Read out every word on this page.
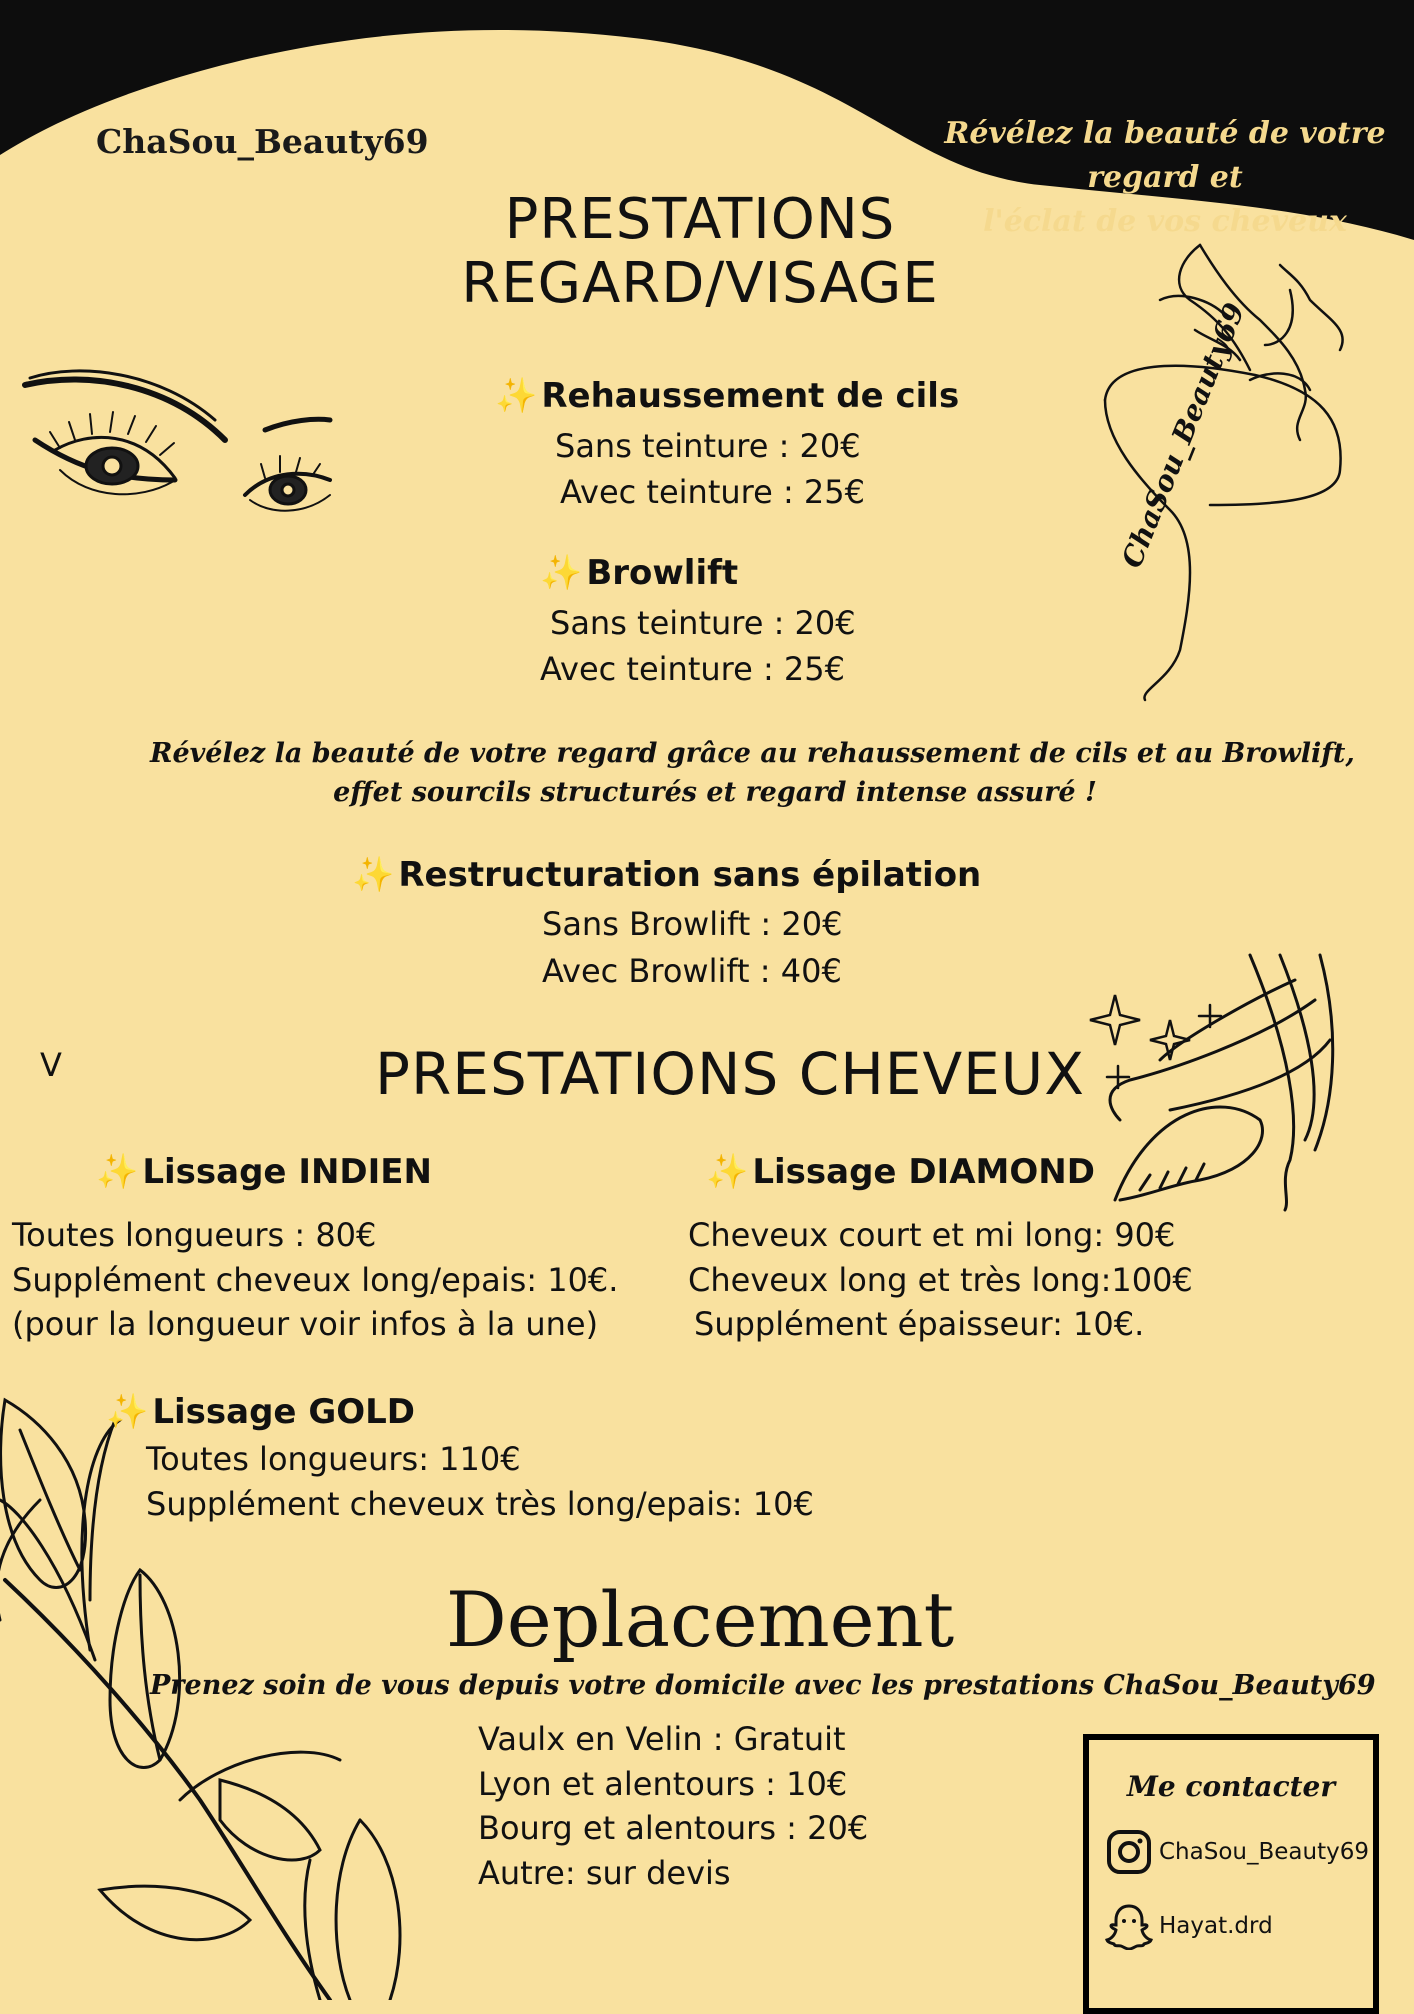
ChaSou_Beauty69	Révélez la beauté de votre regard et
l'éclat de vos cheveux
PRESTATIONS
REGARD/VISAGE
✨ Rehaussement de cils
Sans teinture : 20€
Avec teinture : 25€
✨ Browlift
Sans teinture : 20€
Avec teinture : 25€
ChaSou_Beauty69
Révélez la beauté de votre regard grâce au rehaussement de cils et au Browlift,
effet sourcils structurés et regard intense assuré !
✨ Restructuration sans épilation
Sans Browlift : 20€
Avec Browlift : 40€
V	PRESTATIONS CHEVEUX
✨ Lissage INDIEN
Toutes longueurs : 80€
Supplément cheveux long/epais: 10€.
(pour la longueur voir infos à la une)
✨ Lissage DIAMOND
Cheveux court et mi long: 90€
Cheveux long et très long:100€
Supplément épaisseur: 10€.
✨ Lissage GOLD
Toutes longueurs: 110€
Supplément cheveux très long/epais: 10€
Deplacement
Prenez soin de vous depuis votre domicile avec les prestations ChaSou_Beauty69
Vaulx en Velin : Gratuit
Lyon et alentours : 10€
Bourg et alentours : 20€
Autre: sur devis
Me contacter
ChaSou_Beauty69
Hayat.drd
